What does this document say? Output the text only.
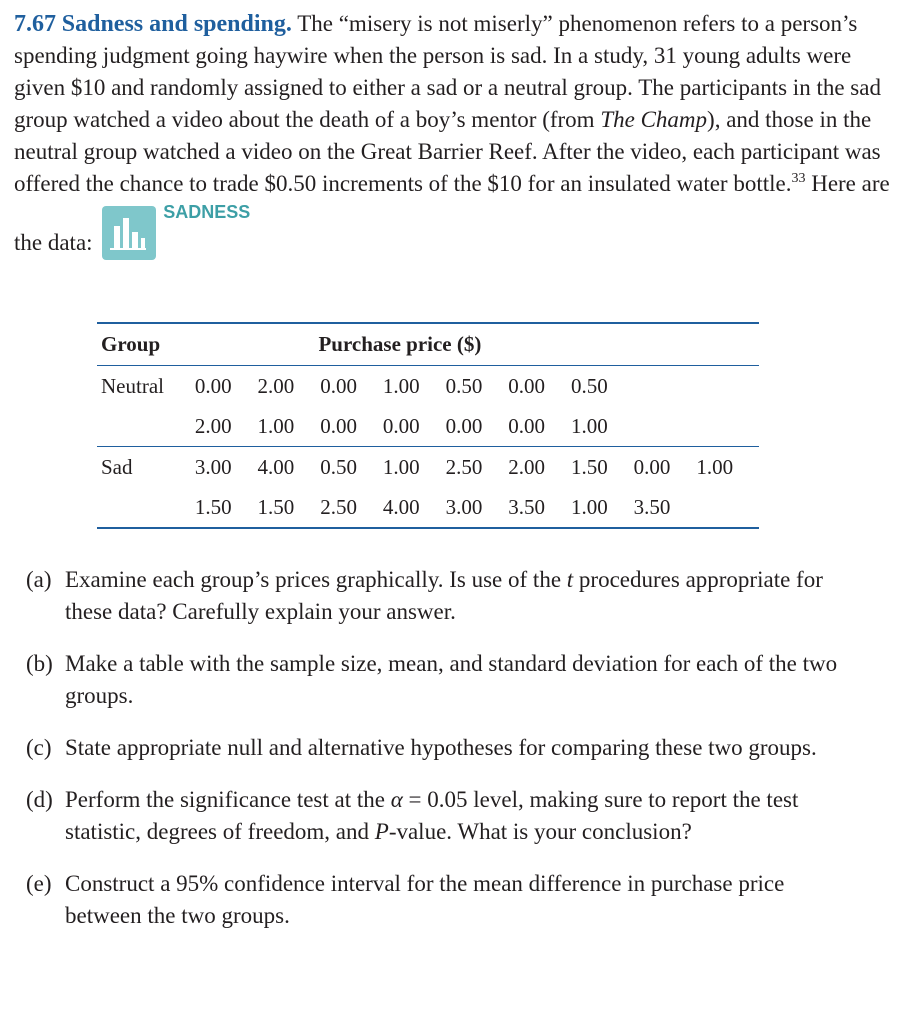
7.67 Sadness and spending. The “misery is not miserly” phenomenon refers to a person’s spending judgment going haywire when the person is sad. In a study, 31 young adults were given $10 and randomly assigned to either a sad or a neutral group. The participants in the sad group watched a video about the death of a boy’s mentor (from The Champ), and those in the neutral group watched a video on the Great Barrier Reef. After the video, each participant was offered the chance to trade $0.50 increments of the $10 for an insulated water bottle.$^{33}$ Here are the data:
SADNESS
Group	Purchase price ($)
Neutral	0.00 2.00 0.00 1.00 0.50 0.00 0.50
	2.00 1.00 0.00 0.00 0.00 0.00 1.00
Sad	3.00 4.00 0.50 1.00 2.50 2.00 1.50 0.00 1.00
	1.50 1.50 2.50 4.00 3.00 3.50 1.00 3.50
(a) Examine each group’s prices graphically. Is use of the t procedures appropriate for these data? Carefully explain your answer.
(b) Make a table with the sample size, mean, and standard deviation for each of the two groups.
(c) State appropriate null and alternative hypotheses for comparing these two groups.
(d) Perform the significance test at the α = 0.05 level, making sure to report the test statistic, degrees of freedom, and P-value. What is your conclusion?
(e) Construct a 95% confidence interval for the mean difference in purchase price between the two groups.
